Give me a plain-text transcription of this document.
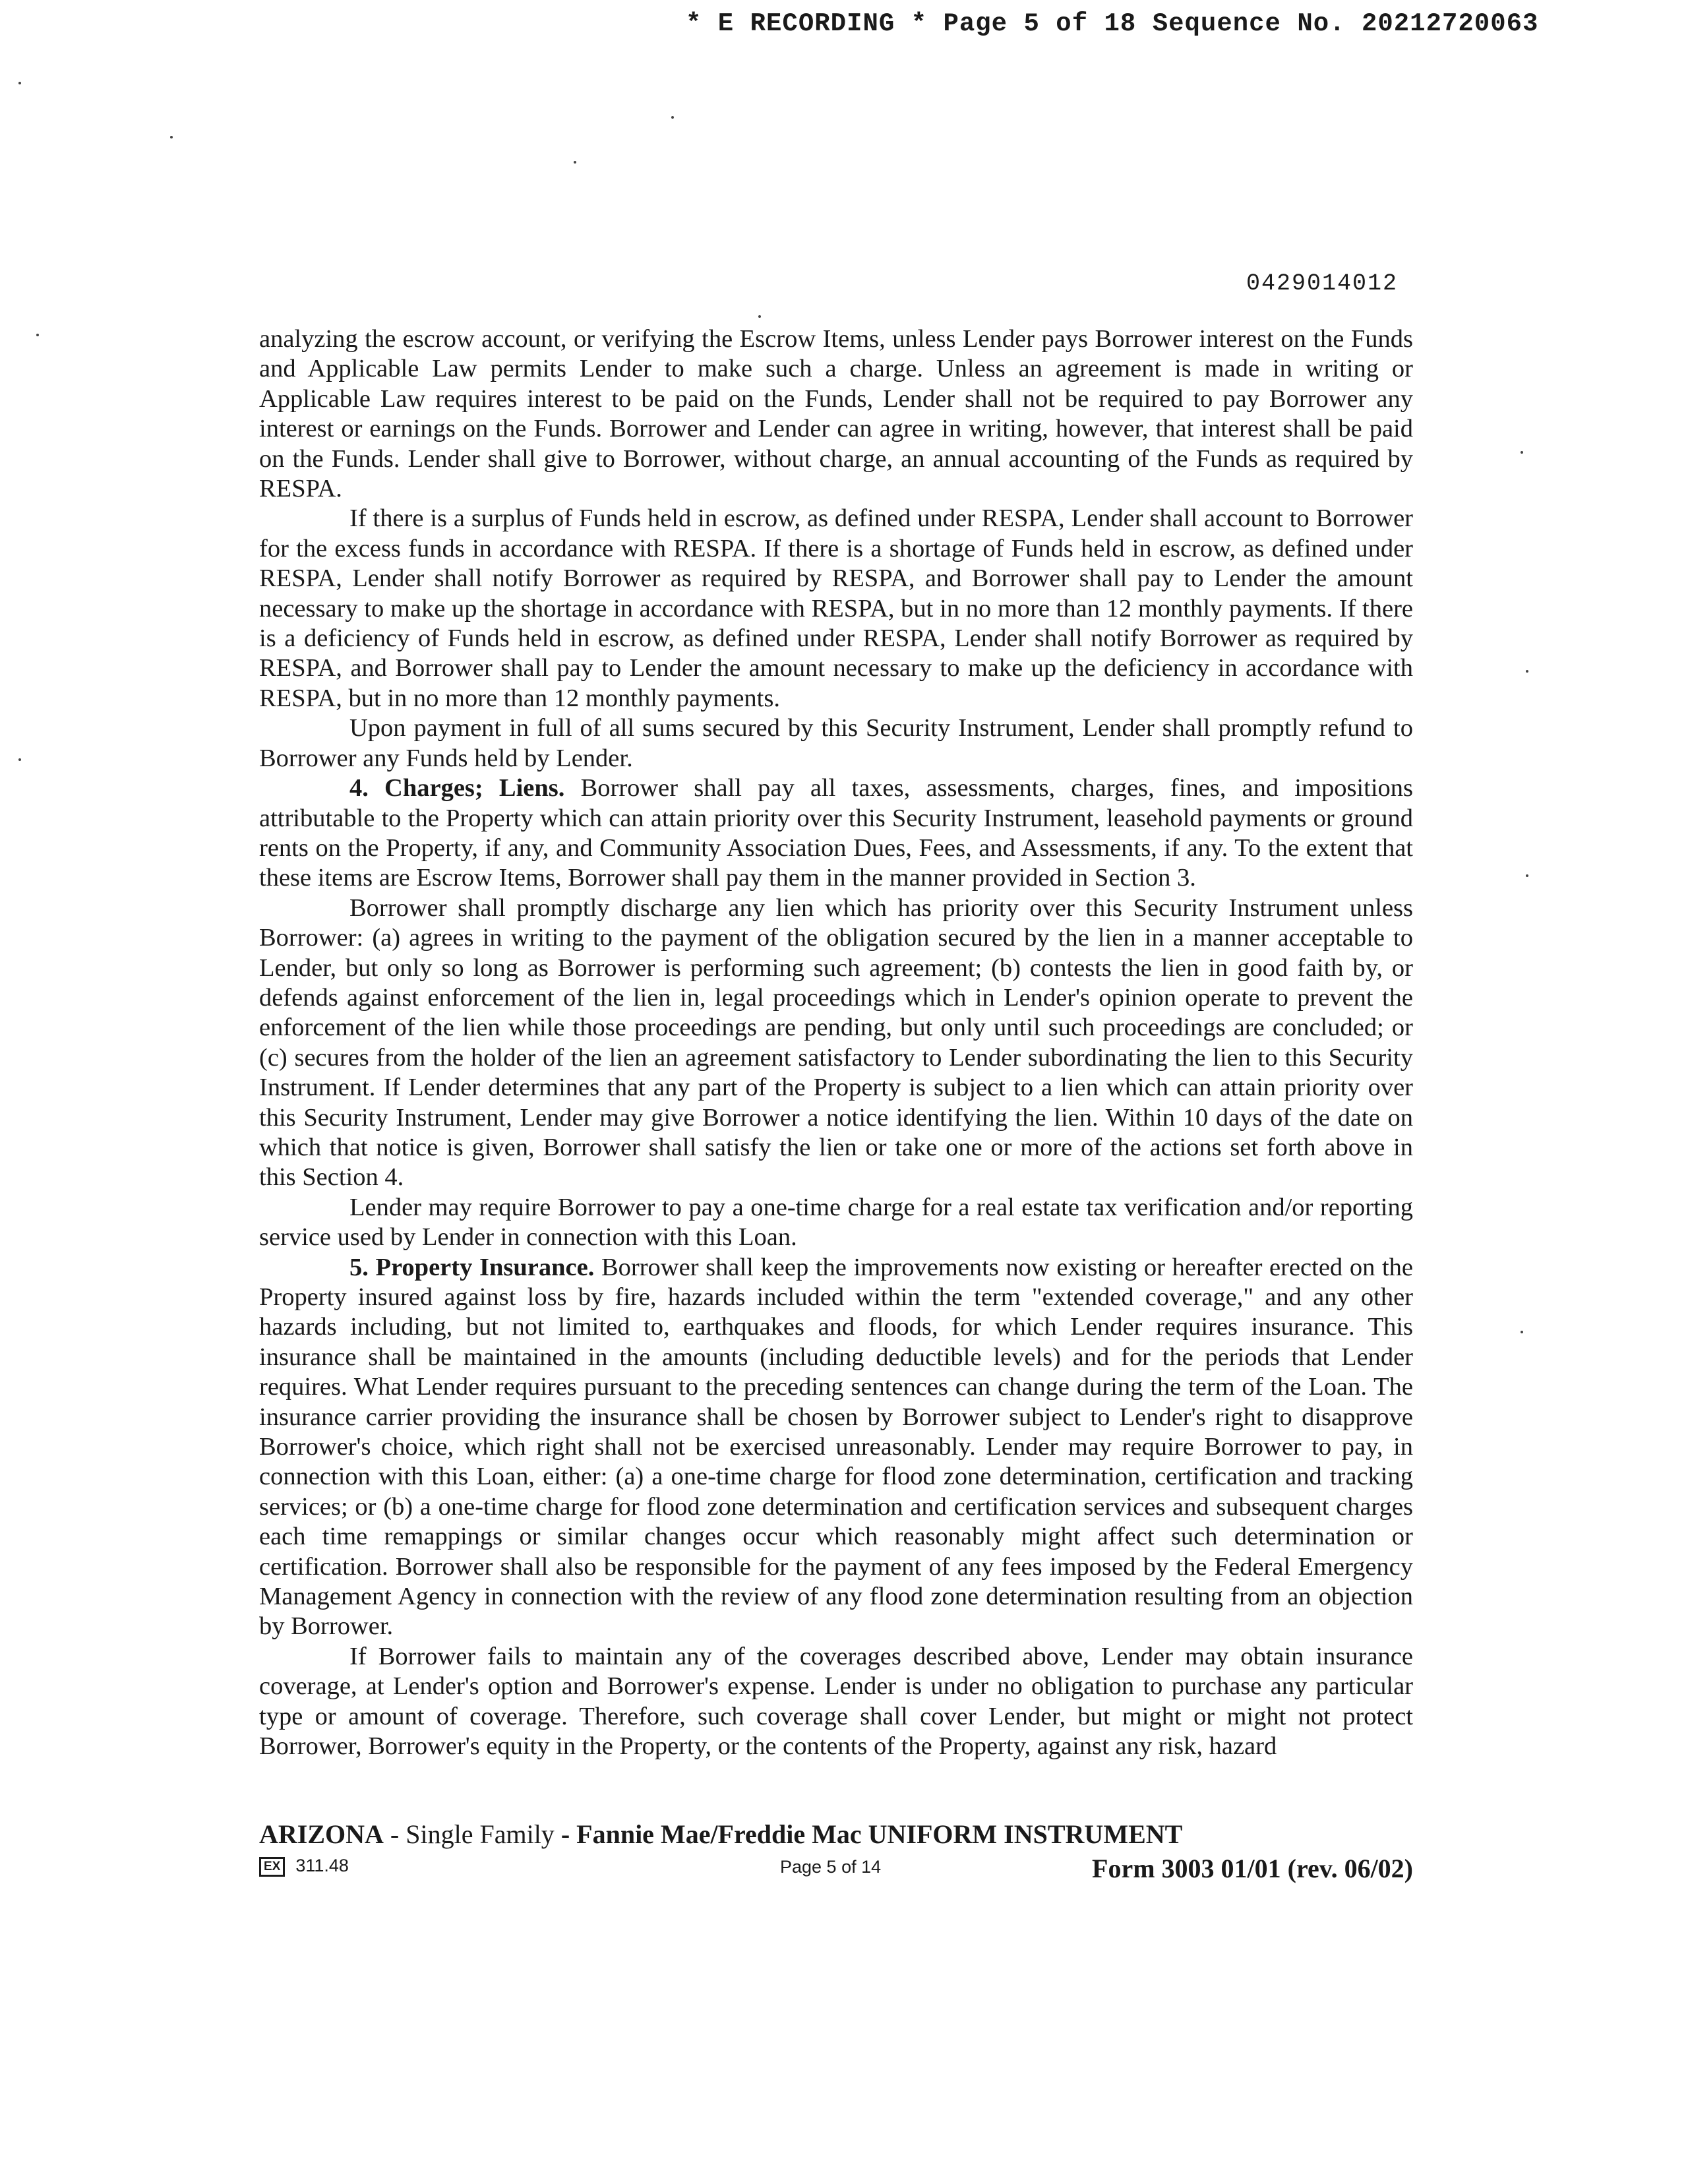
* E RECORDING * Page 5 of 18 Sequence No. 20212720063
0429014012

analyzing the escrow account, or verifying the Escrow Items, unless Lender pays Borrower interest on the Funds and Applicable Law permits Lender to make such a charge. Unless an agreement is made in writing or Applicable Law requires interest to be paid on the Funds, Lender shall not be required to pay Borrower any interest or earnings on the Funds. Borrower and Lender can agree in writing, however, that interest shall be paid on the Funds. Lender shall give to Borrower, without charge, an annual accounting of the Funds as required by RESPA.

If there is a surplus of Funds held in escrow, as defined under RESPA, Lender shall account to Borrower for the excess funds in accordance with RESPA. If there is a shortage of Funds held in escrow, as defined under RESPA, Lender shall notify Borrower as required by RESPA, and Borrower shall pay to Lender the amount necessary to make up the shortage in accordance with RESPA, but in no more than 12 monthly payments. If there is a deficiency of Funds held in escrow, as defined under RESPA, Lender shall notify Borrower as required by RESPA, and Borrower shall pay to Lender the amount necessary to make up the deficiency in accordance with RESPA, but in no more than 12 monthly payments.

Upon payment in full of all sums secured by this Security Instrument, Lender shall promptly refund to Borrower any Funds held by Lender.

4. Charges; Liens. Borrower shall pay all taxes, assessments, charges, fines, and impositions attributable to the Property which can attain priority over this Security Instrument, leasehold payments or ground rents on the Property, if any, and Community Association Dues, Fees, and Assessments, if any. To the extent that these items are Escrow Items, Borrower shall pay them in the manner provided in Section 3.

Borrower shall promptly discharge any lien which has priority over this Security Instrument unless Borrower: (a) agrees in writing to the payment of the obligation secured by the lien in a manner acceptable to Lender, but only so long as Borrower is performing such agreement; (b) contests the lien in good faith by, or defends against enforcement of the lien in, legal proceedings which in Lender's opinion operate to prevent the enforcement of the lien while those proceedings are pending, but only until such proceedings are concluded; or (c) secures from the holder of the lien an agreement satisfactory to Lender subordinating the lien to this Security Instrument. If Lender determines that any part of the Property is subject to a lien which can attain priority over this Security Instrument, Lender may give Borrower a notice identifying the lien. Within 10 days of the date on which that notice is given, Borrower shall satisfy the lien or take one or more of the actions set forth above in this Section 4.

Lender may require Borrower to pay a one-time charge for a real estate tax verification and/or reporting service used by Lender in connection with this Loan.

5. Property Insurance. Borrower shall keep the improvements now existing or hereafter erected on the Property insured against loss by fire, hazards included within the term "extended coverage," and any other hazards including, but not limited to, earthquakes and floods, for which Lender requires insurance. This insurance shall be maintained in the amounts (including deductible levels) and for the periods that Lender requires. What Lender requires pursuant to the preceding sentences can change during the term of the Loan. The insurance carrier providing the insurance shall be chosen by Borrower subject to Lender's right to disapprove Borrower's choice, which right shall not be exercised unreasonably. Lender may require Borrower to pay, in connection with this Loan, either: (a) a one-time charge for flood zone determination, certification and tracking services; or (b) a one-time charge for flood zone determination and certification services and subsequent charges each time remappings or similar changes occur which reasonably might affect such determination or certification. Borrower shall also be responsible for the payment of any fees imposed by the Federal Emergency Management Agency in connection with the review of any flood zone determination resulting from an objection by Borrower.

If Borrower fails to maintain any of the coverages described above, Lender may obtain insurance coverage, at Lender's option and Borrower's expense. Lender is under no obligation to purchase any particular type or amount of coverage. Therefore, such coverage shall cover Lender, but might or might not protect Borrower, Borrower's equity in the Property, or the contents of the Property, against any risk, hazard

ARIZONA - Single Family - Fannie Mae/Freddie Mac UNIFORM INSTRUMENT
EX 311.48	Page 5 of 14	Form 3003 01/01 (rev. 06/02)
